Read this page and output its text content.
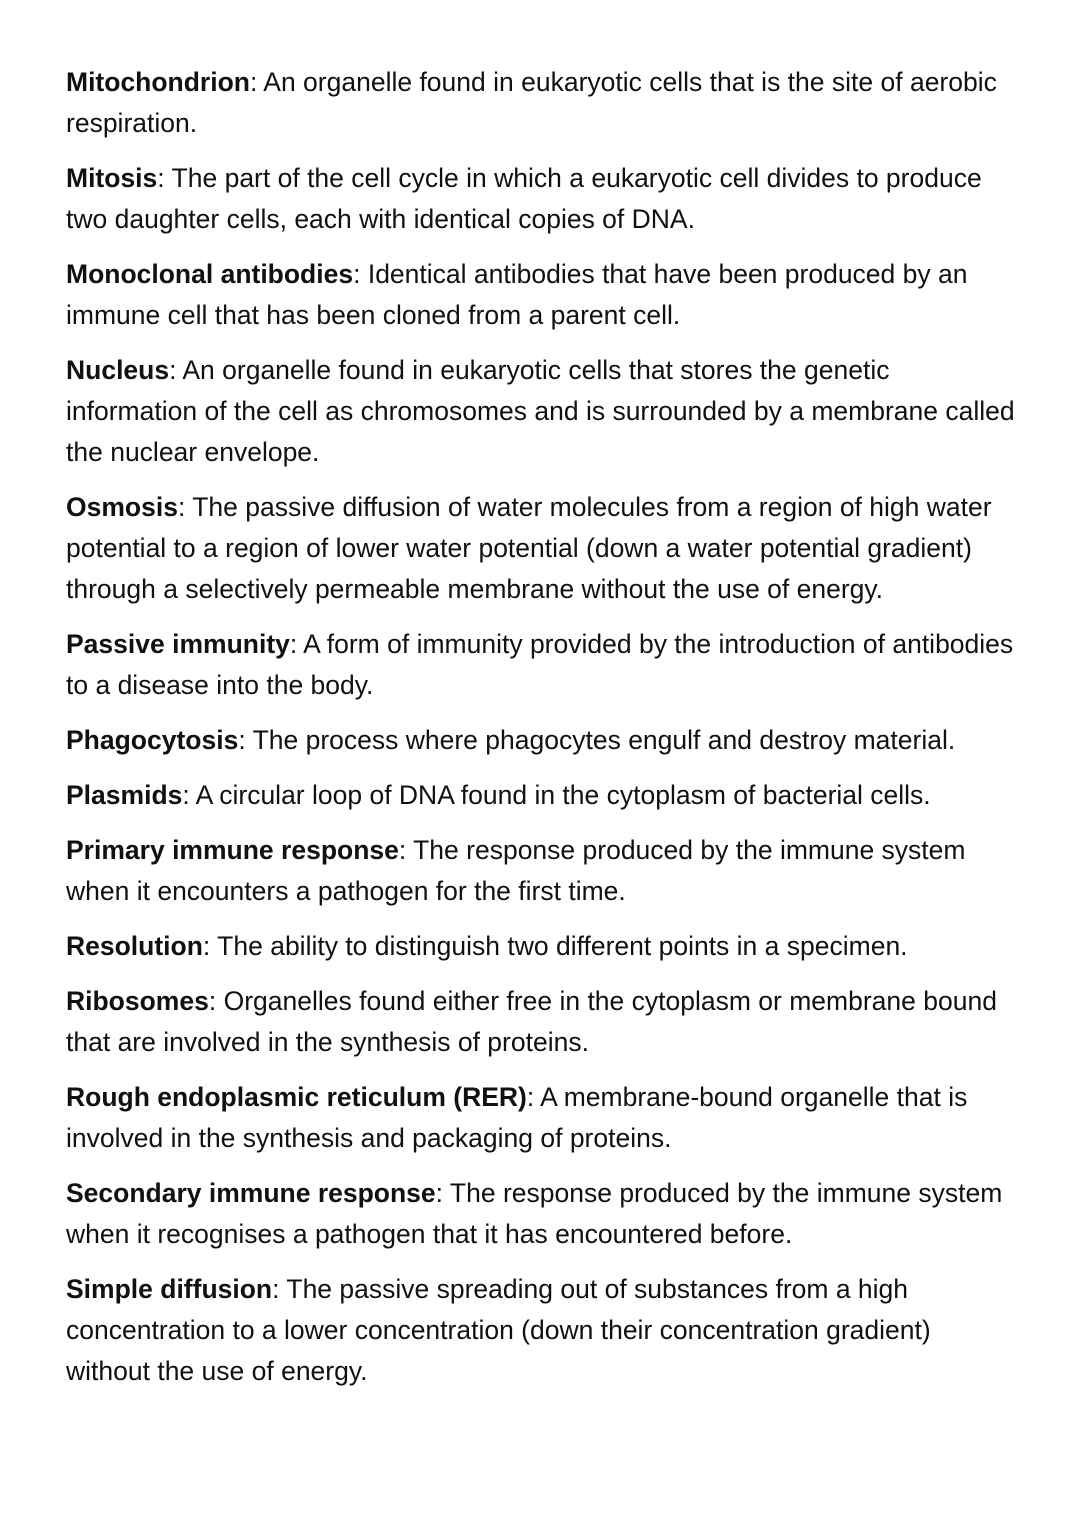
Mitochondrion: An organelle found in eukaryotic cells that is the site of aerobic respiration.

Mitosis: The part of the cell cycle in which a eukaryotic cell divides to produce two daughter cells, each with identical copies of DNA.

Monoclonal antibodies: Identical antibodies that have been produced by an immune cell that has been cloned from a parent cell.

Nucleus: An organelle found in eukaryotic cells that stores the genetic information of the cell as chromosomes and is surrounded by a membrane called the nuclear envelope.

Osmosis: The passive diffusion of water molecules from a region of high water potential to a region of lower water potential (down a water potential gradient) through a selectively permeable membrane without the use of energy.

Passive immunity: A form of immunity provided by the introduction of antibodies to a disease into the body.

Phagocytosis: The process where phagocytes engulf and destroy material.

Plasmids: A circular loop of DNA found in the cytoplasm of bacterial cells.

Primary immune response: The response produced by the immune system when it encounters a pathogen for the first time.

Resolution: The ability to distinguish two different points in a specimen.

Ribosomes: Organelles found either free in the cytoplasm or membrane bound that are involved in the synthesis of proteins.

Rough endoplasmic reticulum (RER): A membrane-bound organelle that is involved in the synthesis and packaging of proteins.

Secondary immune response: The response produced by the immune system when it recognises a pathogen that it has encountered before.

Simple diffusion: The passive spreading out of substances from a high concentration to a lower concentration (down their concentration gradient) without the use of energy.
